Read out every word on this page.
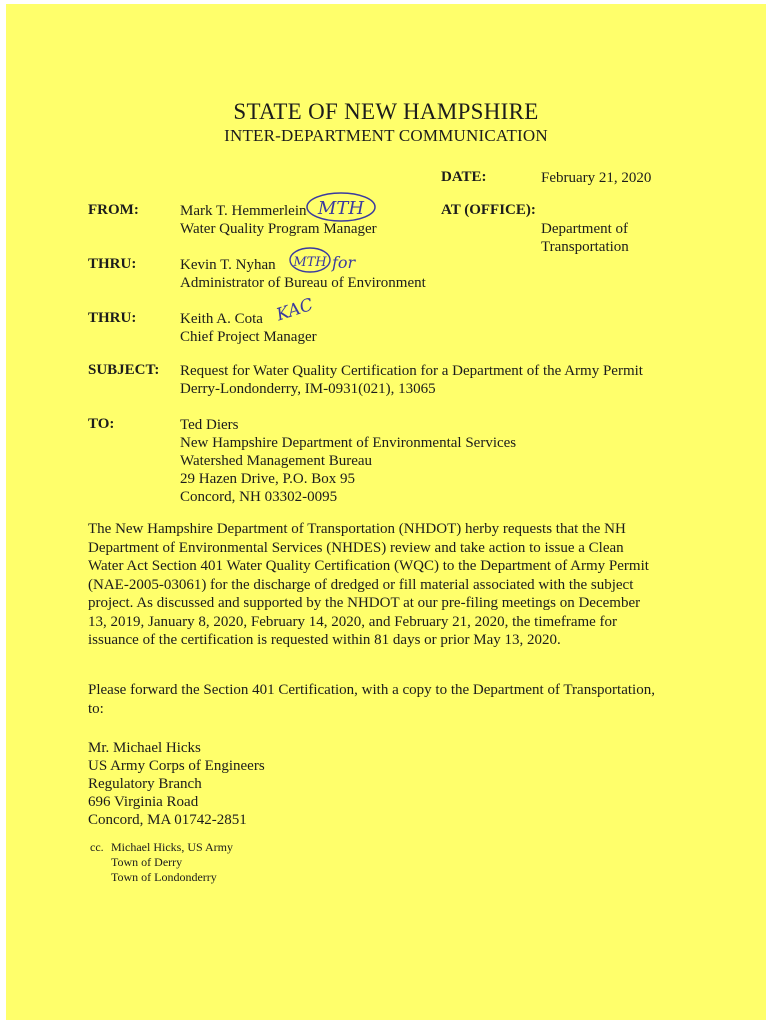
STATE OF NEW HAMPSHIRE
INTER-DEPARTMENT COMMUNICATION
DATE:	February 21, 2020
AT (OFFICE):
Department of
Transportation
FROM:	Mark T. Hemmerlein
Water Quality Program Manager
MTH
THRU:	Kevin T. Nyhan
Administrator of Bureau of Environment
MTH for
THRU:	Keith A. Cota
Chief Project Manager
KAC
SUBJECT: Request for Water Quality Certification for a Department of the Army Permit
Derry-Londonderry, IM-0931(021), 13065
TO:	Ted Diers
New Hampshire Department of Environmental Services
Watershed Management Bureau
29 Hazen Drive, P.O. Box 95
Concord, NH 03302-0095
The New Hampshire Department of Transportation (NHDOT) herby requests that the NH Department of Environmental Services (NHDES) review and take action to issue a Clean Water Act Section 401 Water Quality Certification (WQC) to the Department of Army Permit (NAE-2005-03061) for the discharge of dredged or fill material associated with the subject project. As discussed and supported by the NHDOT at our pre-filing meetings on December 13, 2019, January 8, 2020, February 14, 2020, and February 21, 2020, the timeframe for issuance of the certification is requested within 81 days or prior May 13, 2020.
Please forward the Section 401 Certification, with a copy to the Department of Transportation, to:
Mr. Michael Hicks
US Army Corps of Engineers
Regulatory Branch
696 Virginia Road
Concord, MA 01742-2851
cc. Michael Hicks, US Army
Town of Derry
Town of Londonderry
